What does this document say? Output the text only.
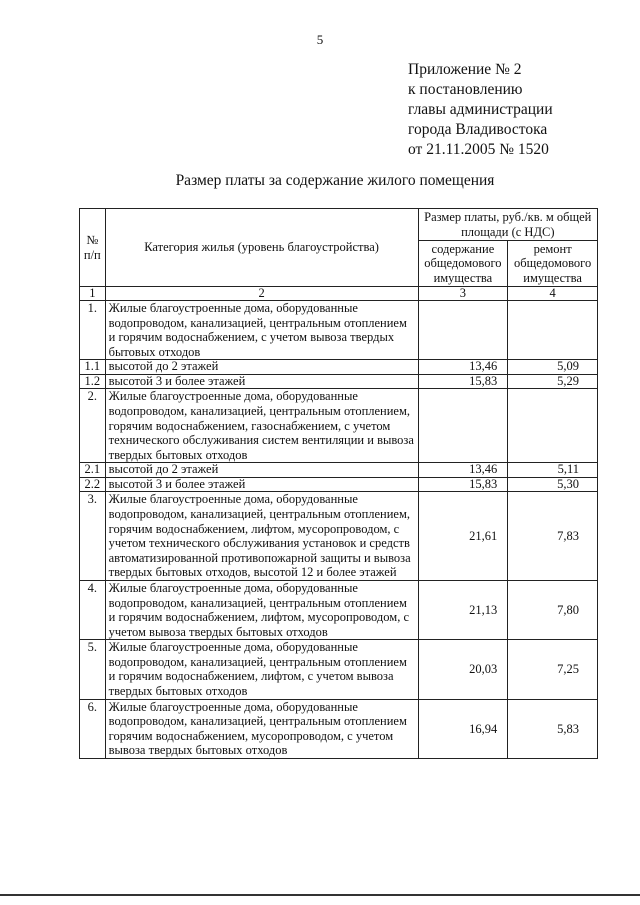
5
Приложение № 2
к постановлению
главы администрации
города Владивостока
от 21.11.2005 № 1520
Размер платы за содержание жилого помещения
№ п/п	Категория жилья (уровень благоустройства)	Размер платы, руб./кв. м общей площади (с НДС)	
		содержание общедомового имущества	ремонт общедомового имущества
1	2	3	4
1.	Жилые благоустроенные дома, оборудованные водопроводом, канализацией, центральным отоплением и горячим водоснабжением, с учетом вывоза твердых бытовых отходов		
1.1	высотой до 2 этажей	13,46	5,09
1.2	высотой 3 и более этажей	15,83	5,29
2.	Жилые благоустроенные дома, оборудованные водопроводом, канализацией, центральным отоплением, горячим водоснабжением, газоснабжением, с учетом технического обслуживания систем вентиляции и вывоза твердых бытовых отходов		
2.1	высотой до 2 этажей	13,46	5,11
2.2	высотой 3 и более этажей	15,83	5,30
3.	Жилые благоустроенные дома, оборудованные водопроводом, канализацией, центральным отоплением, горячим водоснабжением, лифтом, мусоропроводом, с учетом технического обслуживания установок и средств автоматизированной противопожарной защиты и вывоза твердых бытовых отходов, высотой 12 и более этажей	21,61	7,83
4.	Жилые благоустроенные дома, оборудованные водопроводом, канализацией, центральным отоплением и горячим водоснабжением, лифтом, мусоропроводом, с учетом вывоза твердых бытовых отходов	21,13	7,80
5.	Жилые благоустроенные дома, оборудованные водопроводом, канализацией, центральным отоплением и горячим водоснабжением, лифтом, с учетом вывоза твердых бытовых отходов	20,03	7,25
6.	Жилые благоустроенные дома, оборудованные водопроводом, канализацией, центральным отоплением горячим водоснабжением, мусоропроводом, с учетом вывоза твердых бытовых отходов	16,94	5,83
